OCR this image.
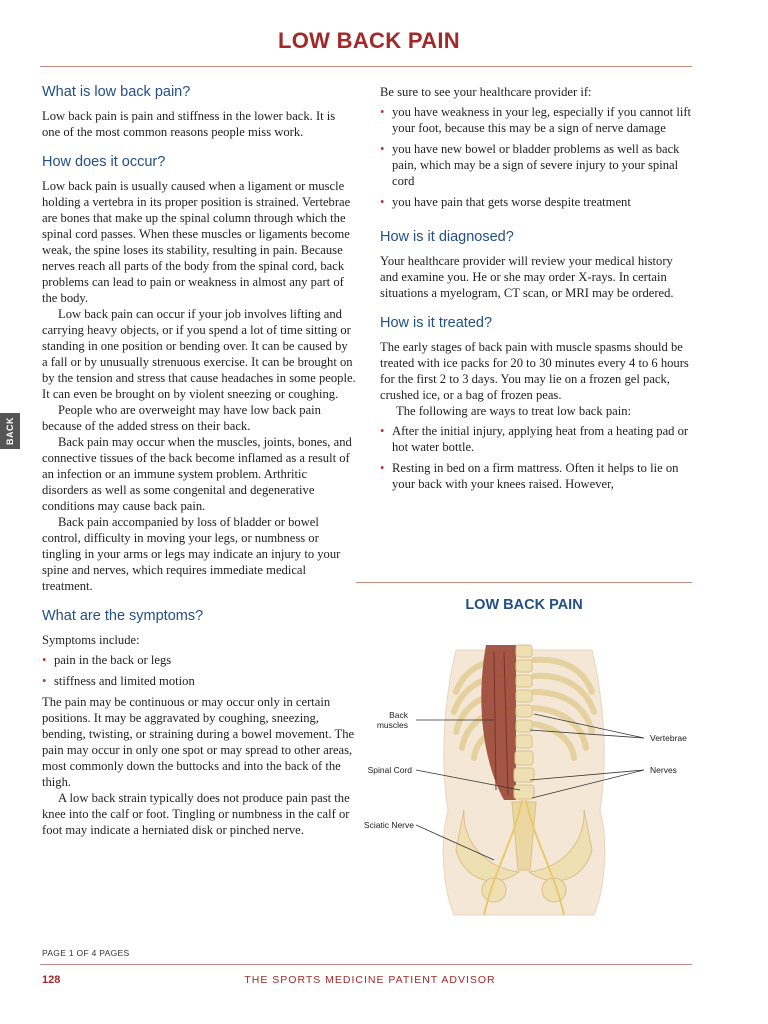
LOW BACK PAIN
BACK
What is low back pain?

Low back pain is pain and stiffness in the lower back. It is one of the most common reasons people miss work.

How does it occur?

Low back pain is usually caused when a ligament or muscle holding a vertebra in its proper position is strained. Vertebrae are bones that make up the spinal column through which the spinal cord passes. When these muscles or ligaments become weak, the spine loses its stability, resulting in pain. Because nerves reach all parts of the body from the spinal cord, back problems can lead to pain or weakness in almost any part of the body.

Low back pain can occur if your job involves lifting and carrying heavy objects, or if you spend a lot of time sitting or standing in one position or bending over. It can be caused by a fall or by unusually strenuous exercise. It can be brought on by the tension and stress that cause headaches in some people. It can even be brought on by violent sneezing or coughing.

People who are overweight may have low back pain because of the added stress on their back.

Back pain may occur when the muscles, joints, bones, and connective tissues of the back become inflamed as a result of an infection or an immune system problem. Arthritic disorders as well as some congenital and degenerative conditions may cause back pain.

Back pain accompanied by loss of bladder or bowel control, difficulty in moving your legs, or numbness or tingling in your arms or legs may indicate an injury to your spine and nerves, which requires immediate medical treatment.

What are the symptoms?

Symptoms include:

• pain in the back or legs
• stiffness and limited motion

The pain may be continuous or may occur only in certain positions. It may be aggravated by coughing, sneezing, bending, twisting, or straining during a bowel movement. The pain may occur in only one spot or may spread to other areas, most commonly down the buttocks and into the back of the thigh.

A low back strain typically does not produce pain past the knee into the calf or foot. Tingling or numbness in the calf or foot may indicate a herniated disk or pinched nerve.

Be sure to see your healthcare provider if:

• you have weakness in your leg, especially if you cannot lift your foot, because this may be a sign of nerve damage
• you have new bowel or bladder problems as well as back pain, which may be a sign of severe injury to your spinal cord
• you have pain that gets worse despite treatment
How is it diagnosed?

Your healthcare provider will review your medical history and examine you. He or she may order X-rays. In certain situations a myelogram, CT scan, or MRI may be ordered.

How is it treated?

The early stages of back pain with muscle spasms should be treated with ice packs for 20 to 30 minutes every 4 to 6 hours for the first 2 to 3 days. You may lie on a frozen gel pack, crushed ice, or a bag of frozen peas.

The following are ways to treat low back pain:

• After the initial injury, applying heat from a heating pad or hot water bottle.
• Resting in bed on a firm mattress. Often it helps to lie on your back with your knees raised. However,
LOW BACK PAIN
Back muscles
Spinal Cord
Sciatic Nerve
Vertebrae
Nerves
PAGE 1 OF 4 PAGES
128	THE SPORTS MEDICINE PATIENT ADVISOR
